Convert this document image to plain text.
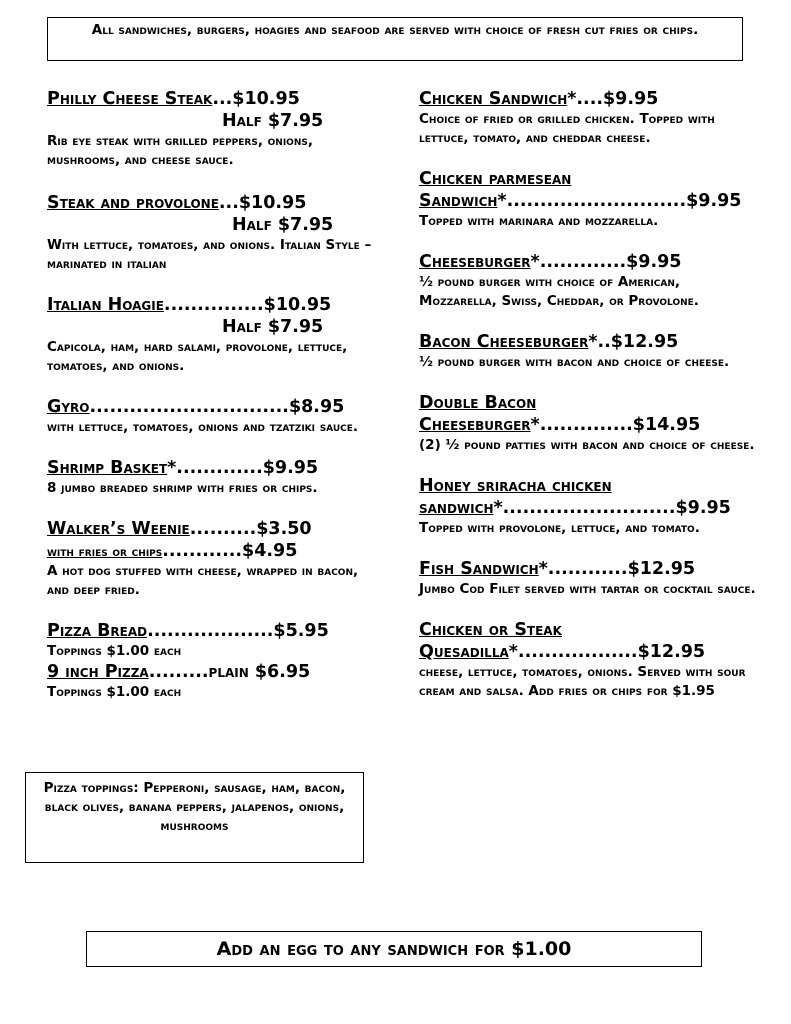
All sandwiches, burgers, hoagies and seafood are served with choice of fresh cut fries or chips.
Philly Cheese Steak...$10.95
Half $7.95
Rib eye steak with grilled peppers, onions, mushrooms, and cheese sauce.
Steak and provolone...$10.95
Half $7.95
With lettuce, tomatoes, and onions. Italian Style – marinated in italian
Italian Hoagie...............$10.95
Half $7.95
Capicola, ham, hard salami, provolone, lettuce, tomatoes, and onions.
Gyro..............................$8.95
with lettuce, tomatoes, onions and tzatziki sauce.
Shrimp Basket*.............$9.95
8 jumbo breaded shrimp with fries or chips.
Walker’s Weenie..........$3.50
with fries or chips............$4.95
A hot dog stuffed with cheese, wrapped in bacon, and deep fried.
Pizza Bread...................$5.95
Toppings $1.00 each
9 inch Pizza.........plain $6.95
Toppings $1.00 each
Pizza toppings: Pepperoni, sausage, ham, bacon, black olives, banana peppers, jalapenos, onions, mushrooms
Chicken Sandwich*....$9.95
Choice of fried or grilled chicken. Topped with lettuce, tomato, and cheddar cheese.
Chicken parmesean
Sandwich*...........................$9.95
Topped with marinara and mozzarella.
Cheeseburger*.............$9.95
½ pound burger with choice of American, Mozzarella, Swiss, Cheddar, or Provolone.
Bacon Cheeseburger*..$12.95
½ pound burger with bacon and choice of cheese.
Double Bacon
Cheeseburger*..............$14.95
(2) ½ pound patties with bacon and choice of cheese.
Honey sriracha chicken
sandwich*..........................$9.95
Topped with provolone, lettuce, and tomato.
Fish Sandwich*............$12.95
Jumbo Cod Filet served with tartar or cocktail sauce.
Chicken or Steak
Quesadilla*..................$12.95
cheese, lettuce, tomatoes, onions. Served with sour cream and salsa. Add fries or chips for $1.95
Add an egg to any sandwich for $1.00
